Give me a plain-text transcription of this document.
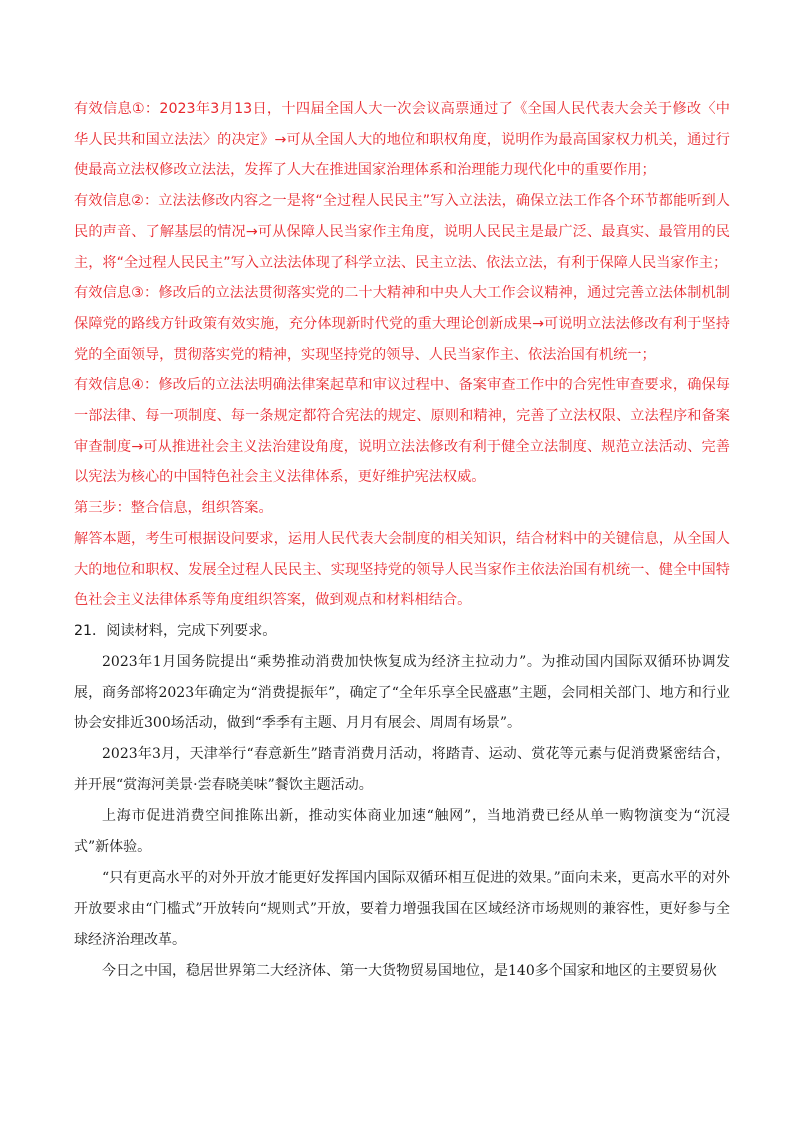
有效信息①：2023年3月13日，十四届全国人大一次会议高票通过了《全国人民代表大会关于修改〈中华人民共和国立法法〉的决定》→可从全国人大的地位和职权角度，说明作为最高国家权力机关，通过行使最高立法权修改立法法，发挥了人大在推进国家治理体系和治理能力现代化中的重要作用；

有效信息②：立法法修改内容之一是将“全过程人民民主”写入立法法，确保立法工作各个环节都能听到人民的声音、了解基层的情况→可从保障人民当家作主角度，说明人民民主是最广泛、最真实、最管用的民主，将“全过程人民民主”写入立法法体现了科学立法、民主立法、依法立法，有利于保障人民当家作主；

有效信息③：修改后的立法法贯彻落实党的二十大精神和中央人大工作会议精神，通过完善立法体制机制保障党的路线方针政策有效实施，充分体现新时代党的重大理论创新成果→可说明立法法修改有利于坚持党的全面领导，贯彻落实党的精神，实现坚持党的领导、人民当家作主、依法治国有机统一；

有效信息④：修改后的立法法明确法律案起草和审议过程中、备案审查工作中的合宪性审查要求，确保每一部法律、每一项制度、每一条规定都符合宪法的规定、原则和精神，完善了立法权限、立法程序和备案审查制度→可从推进社会主义法治建设角度，说明立法法修改有利于健全立法制度、规范立法活动、完善以宪法为核心的中国特色社会主义法律体系，更好维护宪法权威。

第三步：整合信息，组织答案。

解答本题，考生可根据设问要求，运用人民代表大会制度的相关知识，结合材料中的关键信息，从全国人大的地位和职权、发展全过程人民民主、实现坚持党的领导人民当家作主依法治国有机统一、健全中国特色社会主义法律体系等角度组织答案，做到观点和材料相结合。

21．阅读材料，完成下列要求。

2023年1月国务院提出“乘势推动消费加快恢复成为经济主拉动力”。为推动国内国际双循环协调发展，商务部将2023年确定为“消费提振年”，确定了“全年乐享全民盛惠”主题，会同相关部门、地方和行业协会安排近300场活动，做到“季季有主题、月月有展会、周周有场景”。

2023年3月，天津举行“春意新生”踏青消费月活动，将踏青、运动、赏花等元素与促消费紧密结合，并开展“赏海河美景·尝春晓美味”餐饮主题活动。

上海市促进消费空间推陈出新，推动实体商业加速“触网”，当地消费已经从单一购物演变为“沉浸式”新体验。

“只有更高水平的对外开放才能更好发挥国内国际双循环相互促进的效果。”面向未来，更高水平的对外开放要求由“门槛式”开放转向“规则式”开放，要着力增强我国在区域经济市场规则的兼容性，更好参与全球经济治理改革。

今日之中国，稳居世界第二大经济体、第一大货物贸易国地位，是140多个国家和地区的主要贸易伙
